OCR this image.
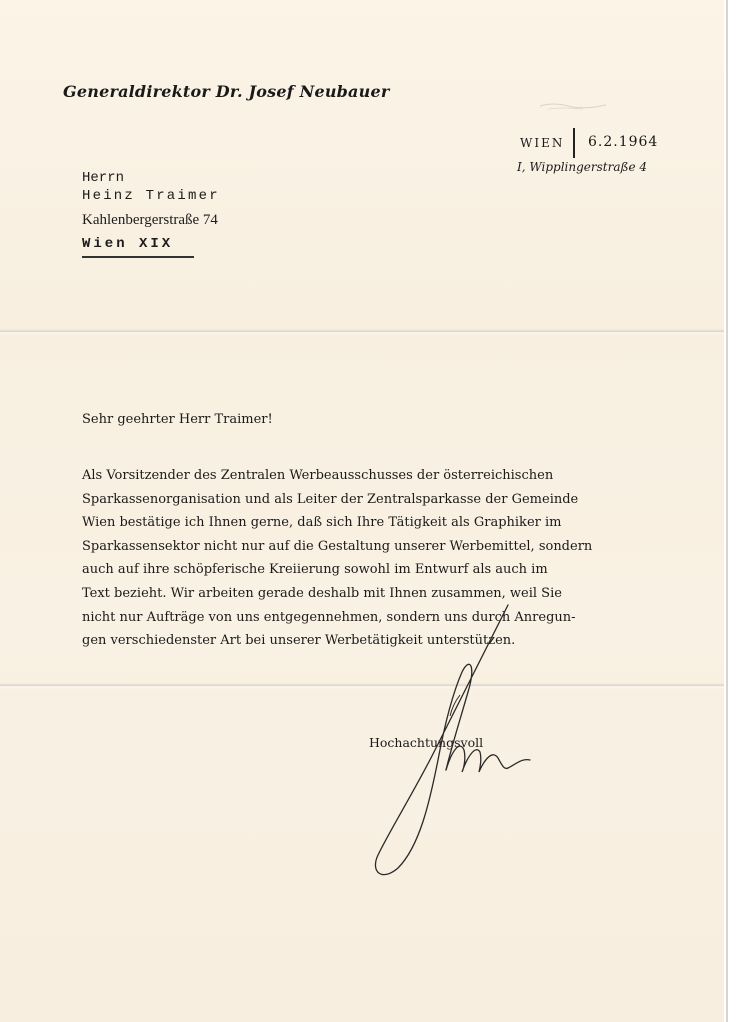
Generaldirektor Dr. Josef Neubauer
WIEN 6.2.1964
I, Wipplingerstraße 4
Herrn
Heinz Traimer
Kahlenbergerstraße 74
Wien XIX
Sehr geehrter Herr Traimer!
Als Vorsitzender des Zentralen Werbeausschusses der österreichischen
Sparkassenorganisation und als Leiter der Zentralsparkasse der Gemeinde
Wien bestätige ich Ihnen gerne, daß sich Ihre Tätigkeit als Graphiker im
Sparkassensektor nicht nur auf die Gestaltung unserer Werbemittel, sondern
auch auf ihre schöpferische Kreiierung sowohl im Entwurf als auch im
Text bezieht. Wir arbeiten gerade deshalb mit Ihnen zusammen, weil Sie
nicht nur Aufträge von uns entgegennehmen, sondern uns durch Anregun-
gen verschiedenster Art bei unserer Werbetätigkeit unterstützen.
Hochachtungsvoll
